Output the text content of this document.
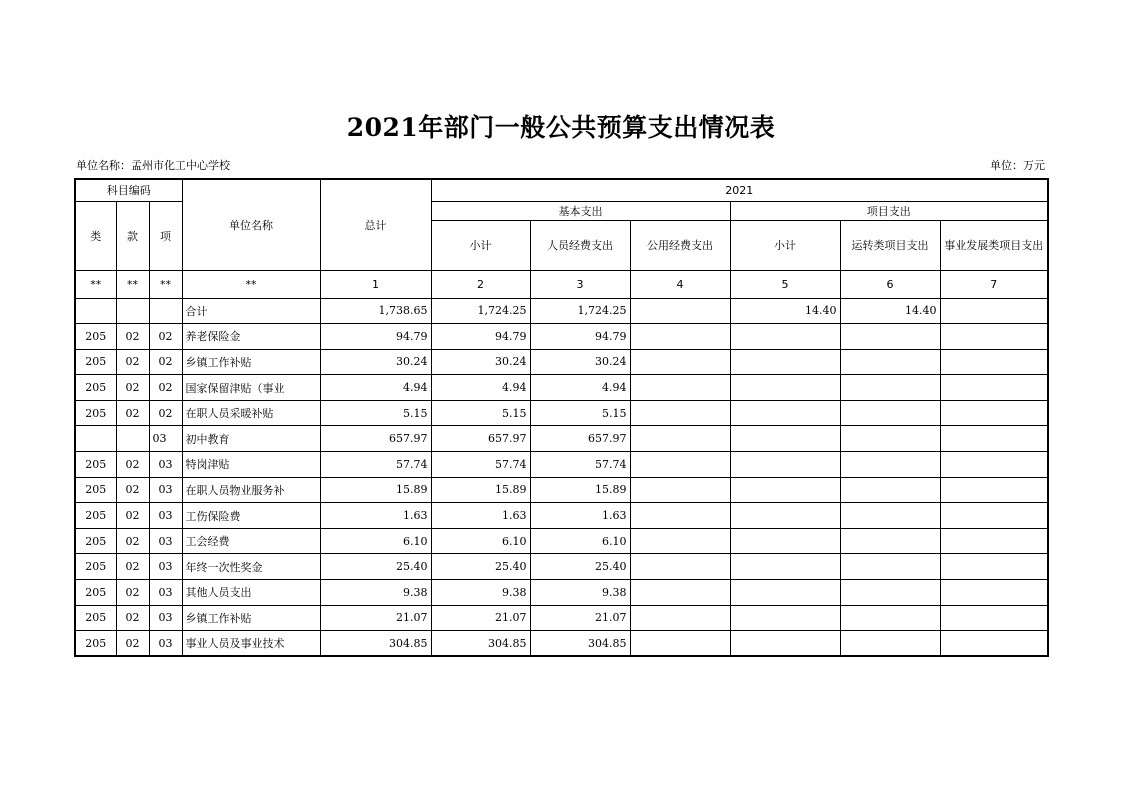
2021年部门一般公共预算支出情况表
单位名称：孟州市化工中心学校	单位：万元
科目编码			单位名称	总计	2021					
类	款	项			基本支出			项目支出		
					小计	人员经费支出	公用经费支出	小计	运转类项目支出	事业发展类项目支出
**	**	**	**	1	2	3	4	5	6	7
			合计	1,738.65	1,724.25	1,724.25		14.40	14.40	
205	02	02	养老保险金	94.79	94.79	94.79				
205	02	02	乡镇工作补贴	30.24	30.24	30.24				
205	02	02	国家保留津贴（事业	4.94	4.94	4.94				
205	02	02	在职人员采暖补贴	5.15	5.15	5.15				
		03	初中教育	657.97	657.97	657.97				
205	02	03	特岗津贴	57.74	57.74	57.74				
205	02	03	在职人员物业服务补	15.89	15.89	15.89				
205	02	03	工伤保险费	1.63	1.63	1.63				
205	02	03	工会经费	6.10	6.10	6.10				
205	02	03	年终一次性奖金	25.40	25.40	25.40				
205	02	03	其他人员支出	9.38	9.38	9.38				
205	02	03	乡镇工作补贴	21.07	21.07	21.07				
205	02	03	事业人员及事业技术	304.85	304.85	304.85				
